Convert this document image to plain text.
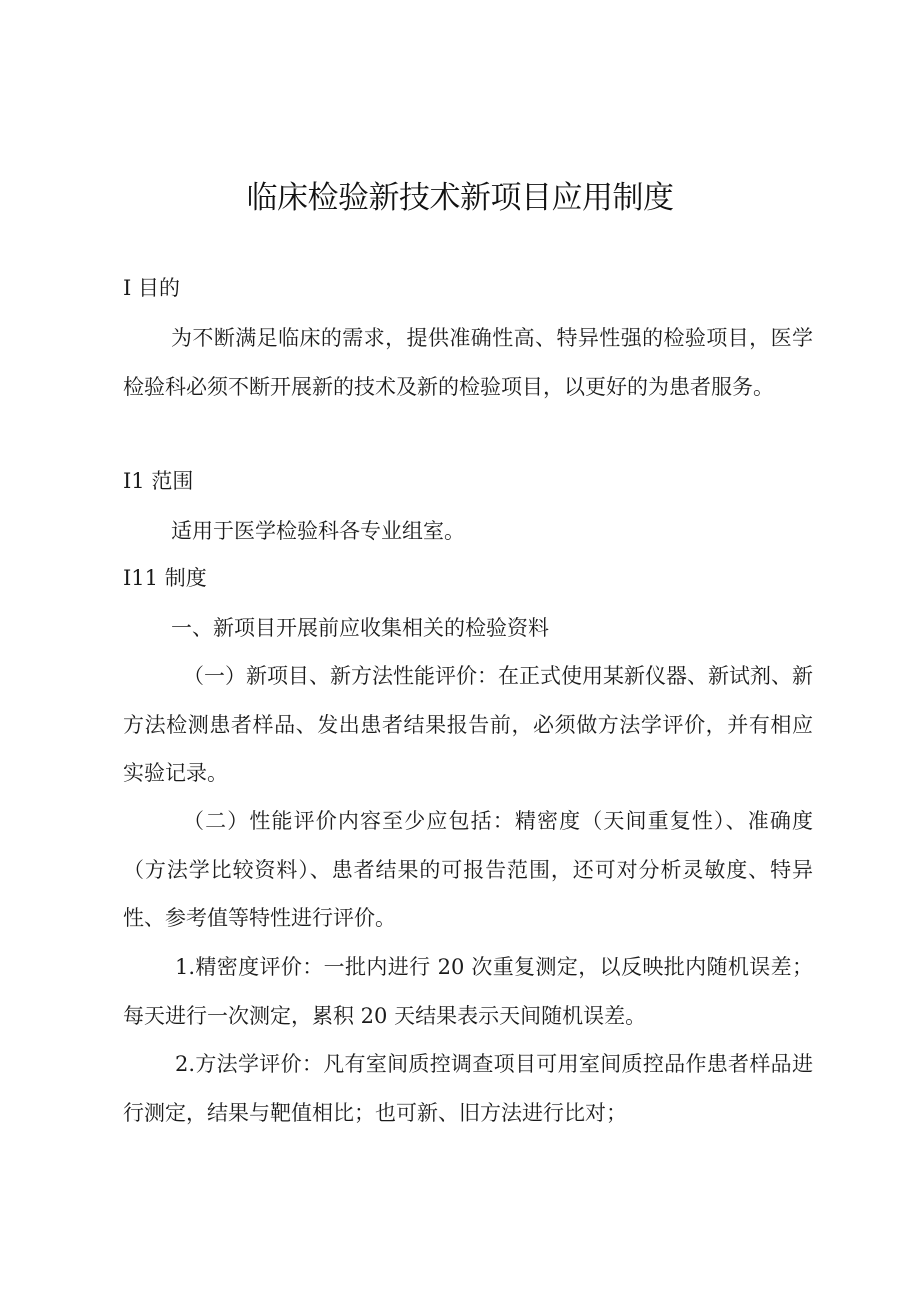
临床检验新技术新项目应用制度
I 目的
为不断满足临床的需求，提供准确性高、特异性强的检验项目，医学检验科必须不断开展新的技术及新的检验项目，以更好的为患者服务。
I1 范围
适用于医学检验科各专业组室。
I11 制度
一、新项目开展前应收集相关的检验资料
（一）新项目、新方法性能评价：在正式使用某新仪器、新试剂、新方法检测患者样品、发出患者结果报告前，必须做方法学评价，并有相应实验记录。
（二）性能评价内容至少应包括：精密度（天间重复性）、准确度（方法学比较资料）、患者结果的可报告范围，还可对分析灵敏度、特异性、参考值等特性进行评价。
1.精密度评价：一批内进行 20 次重复测定，以反映批内随机误差；每天进行一次测定，累积 20 天结果表示天间随机误差。
2.方法学评价：凡有室间质控调查项目可用室间质控品作患者样品进行测定，结果与靶值相比；也可新、旧方法进行比对；
